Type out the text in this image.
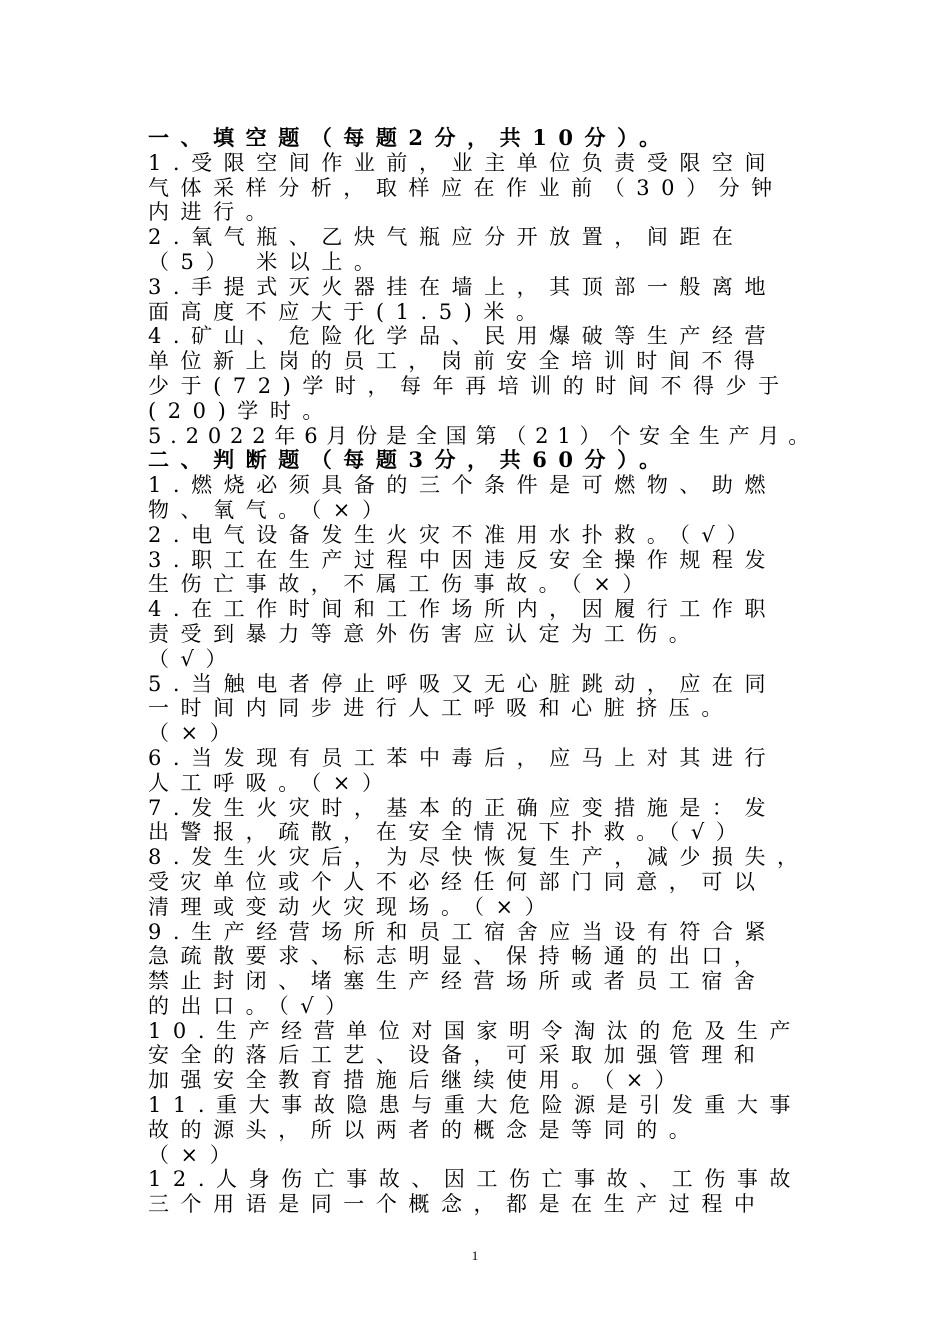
一、填空题（每题2分，共10分）。
1.受限空间作业前，业主单位负责受限空间
气体采样分析，取样应在作业前（30）分钟
内进行。
2.氧气瓶、乙炔气瓶应分开放置，间距在
（5） 米以上。
3.手提式灭火器挂在墙上，其顶部一般离地
面高度不应大于(1.5)米。
4.矿山、危险化学品、民用爆破等生产经营
单位新上岗的员工，岗前安全培训时间不得
少于(72)学时，每年再培训的时间不得少于
(20)学时。
5.2022年6月份是全国第（21）个安全生产月。
二、判断题（每题3分，共60分）。
1.燃烧必须具备的三个条件是可燃物、助燃
物、氧气。（×）
2.电气设备发生火灾不准用水扑救。（√）
3.职工在生产过程中因违反安全操作规程发
生伤亡事故，不属工伤事故。（×）
4.在工作时间和工作场所内，因履行工作职
责受到暴力等意外伤害应认定为工伤。
（√）
5.当触电者停止呼吸又无心脏跳动，应在同
一时间内同步进行人工呼吸和心脏挤压。
（×）
6.当发现有员工苯中毒后，应马上对其进行
人工呼吸。（×）
7.发生火灾时，基本的正确应变措施是：发
出警报，疏散，在安全情况下扑救。（√）
8.发生火灾后，为尽快恢复生产，减少损失，
受灾单位或个人不必经任何部门同意，可以
清理或变动火灾现场。（×）
9.生产经营场所和员工宿舍应当设有符合紧
急疏散要求、标志明显、保持畅通的出口，
禁止封闭、堵塞生产经营场所或者员工宿舍
的出口。（√）
10.生产经营单位对国家明令淘汰的危及生产
安全的落后工艺、设备，可采取加强管理和
加强安全教育措施后继续使用。（×）
11.重大事故隐患与重大危险源是引发重大事
故的源头，所以两者的概念是等同的。
（×）
12.人身伤亡事故、因工伤亡事故、工伤事故
三个用语是同一个概念，都是在生产过程中
1
